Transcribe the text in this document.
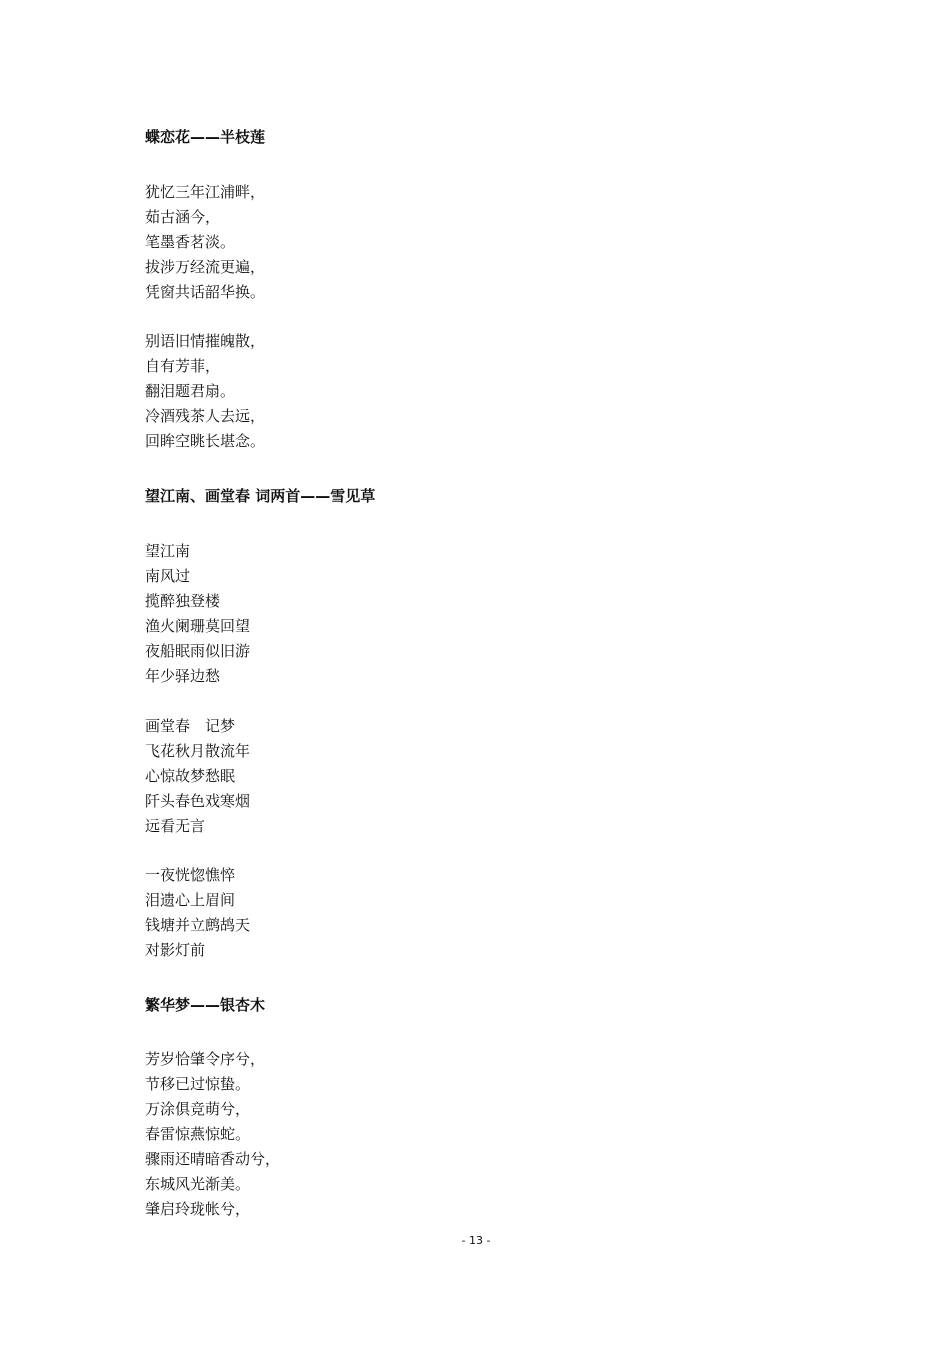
蝶恋花——半枝莲
犹忆三年江浦畔，
茹古涵今，
笔墨香茗淡。
拔涉万经流更遍，
凭窗共话韶华换。
别语旧情摧魄散，
自有芳菲，
翻泪题君扇。
冷酒残茶人去远，
回眸空眺长堪念。
望江南、画堂春 词两首——雪见草
望江南
南风过
揽醉独登楼
渔火阑珊莫回望
夜船眠雨似旧游
年少驿边愁
画堂春　记梦
飞花秋月散流年
心惊故梦愁眠
阡头春色戏寒烟
远看无言
一夜恍惚憔悴
泪遗心上眉间
钱塘并立鹧鸪天
对影灯前
繁华梦——银杏木
芳岁恰肇令序兮，
节移已过惊蛰。
万涂俱竞萌兮，
春雷惊燕惊蛇。
骤雨还晴暗香动兮，
东城风光渐美。
肇启玲珑帐兮，
- 13 -
